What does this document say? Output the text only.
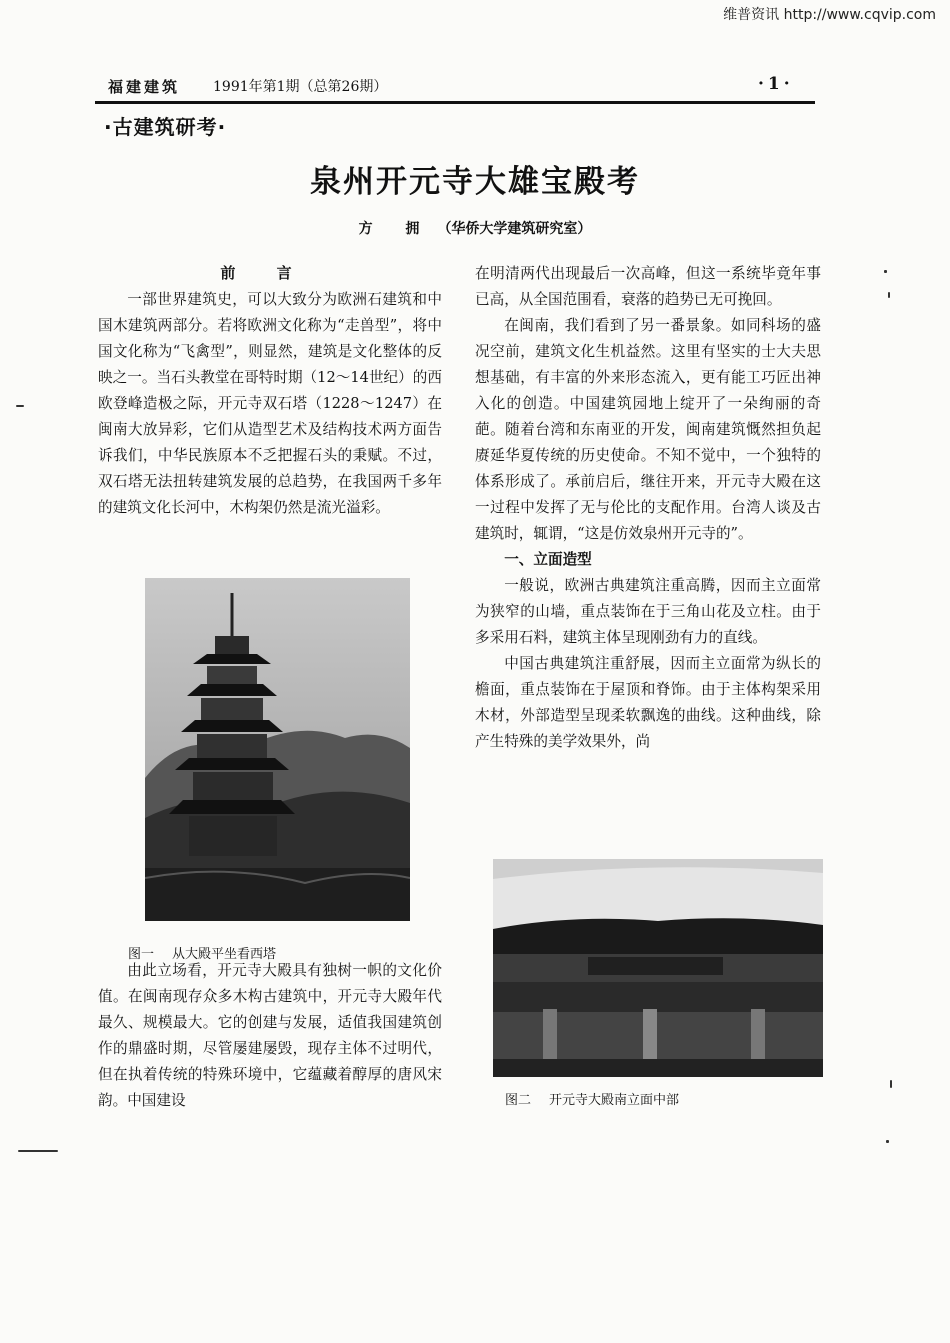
维普资讯 http://www.cqvip.com
福建建筑 1991年第1期（总第26期）	·1·
·古建筑研考·
泉州开元寺大雄宝殿考
方 拥 （华侨大学建筑研究室）
前 言

一部世界建筑史，可以大致分为欧洲石建筑和中国木建筑两部分。若将欧洲文化称为“走兽型”，将中国文化称为“飞禽型”，则显然，建筑是文化整体的反映之一。当石头教堂在哥特时期（12～14世纪）的西欧登峰造极之际，开元寺双石塔（1228～1247）在闽南大放异彩，它们从造型艺术及结构技术两方面告诉我们，中华民族原本不乏把握石头的秉赋。不过，双石塔无法扭转建筑发展的总趋势，在我国两千多年的建筑文化长河中，木构架仍然是流光溢彩。

图一 从大殿平坐看西塔

由此立场看，开元寺大殿具有独树一帜的文化价值。在闽南现存众多木构古建筑中，开元寺大殿年代最久、规模最大。它的创建与发展，适值我国建筑创作的鼎盛时期，尽管屡建屡毁，现存主体不过明代，但在执着传统的特殊环境中，它蕴藏着醇厚的唐风宋韵。中国建设

在明清两代出现最后一次高峰，但这一系统毕竟年事已高，从全国范围看，衰落的趋势已无可挽回。

在闽南，我们看到了另一番景象。如同科场的盛况空前，建筑文化生机益然。这里有坚实的士大夫思想基础，有丰富的外来形态流入，更有能工巧匠出神入化的创造。中国建筑园地上绽开了一朵绚丽的奇葩。随着台湾和东南亚的开发，闽南建筑慨然担负起赓延华夏传统的历史使命。不知不觉中，一个独特的体系形成了。承前启后，继往开来，开元寺大殿在这一过程中发挥了无与伦比的支配作用。台湾人谈及古建筑时，辄谓，“这是仿效泉州开元寺的”。

一、立面造型

一般说，欧洲古典建筑注重高腾，因而主立面常为狭窄的山墙，重点装饰在于三角山花及立柱。由于多采用石料，建筑主体呈现刚劲有力的直线。

中国古典建筑注重舒展，因而主立面常为纵长的檐面，重点装饰在于屋顶和脊饰。由于主体构架采用木材，外部造型呈现柔软飘逸的曲线。这种曲线，除产生特殊的美学效果外，尚

图二 开元寺大殿南立面中部
